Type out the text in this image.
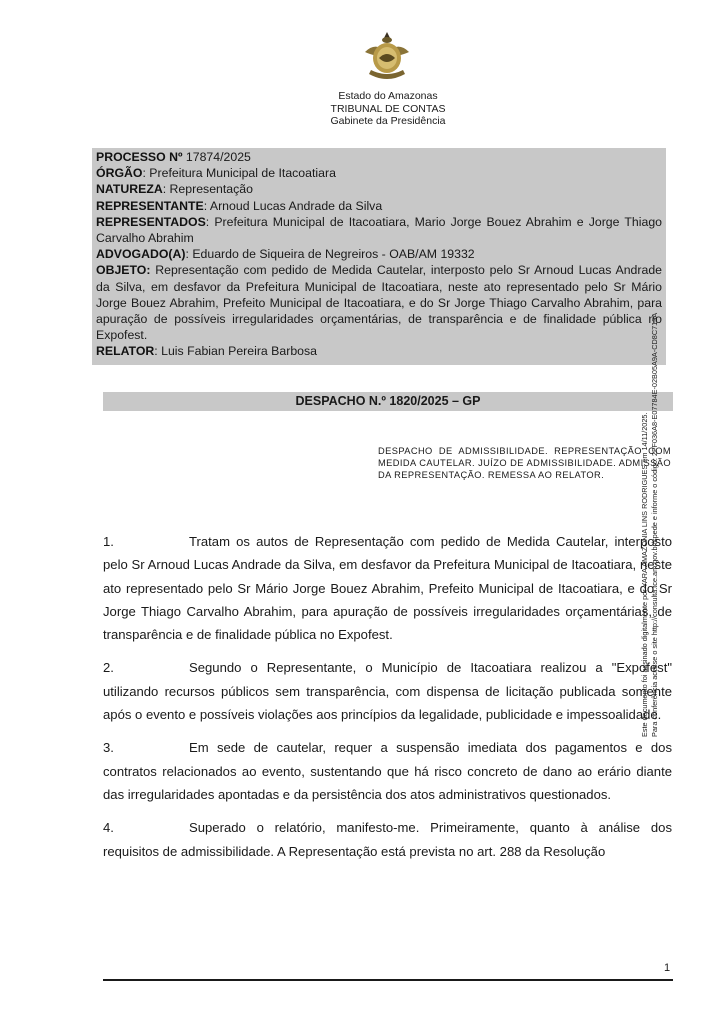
Estado do Amazonas
TRIBUNAL DE CONTAS
Gabinete da Presidência

PROCESSO Nº 17874/2025

ÓRGÃO: Prefeitura Municipal de Itacoatiara

NATUREZA: Representação

REPRESENTANTE: Arnoud Lucas Andrade da Silva

REPRESENTADOS: Prefeitura Municipal de Itacoatiara, Mario Jorge Bouez Abrahim e Jorge Thiago Carvalho Abrahim

ADVOGADO(A): Eduardo de Siqueira de Negreiros - OAB/AM 19332

OBJETO: Representação com pedido de Medida Cautelar, interposto pelo Sr Arnoud Lucas Andrade da Silva, em desfavor da Prefeitura Municipal de Itacoatiara, neste ato representado pelo Sr Mário Jorge Bouez Abrahim, Prefeito Municipal de Itacoatiara, e do Sr Jorge Thiago Carvalho Abrahim, para apuração de possíveis irregularidades orçamentárias, de transparência e de finalidade pública no Expofest.

RELATOR: Luis Fabian Pereira Barbosa

DESPACHO N.º 1820/2025 – GP
DESPACHO DE ADMISSIBILIDADE. REPRESENTAÇÃO COM MEDIDA CAUTELAR. JUÍZO DE ADMISSIBILIDADE. ADMISSÃO DA REPRESENTAÇÃO. REMESSA AO RELATOR.

1.	Tratam os autos de Representação com pedido de Medida Cautelar, interposto pelo Sr Arnoud Lucas Andrade da Silva, em desfavor da Prefeitura Municipal de Itacoatiara, neste ato representado pelo Sr Mário Jorge Bouez Abrahim, Prefeito Municipal de Itacoatiara, e do Sr Jorge Thiago Carvalho Abrahim, para apuração de possíveis irregularidades orçamentárias, de transparência e de finalidade pública no Expofest.

2.	Segundo o Representante, o Município de Itacoatiara realizou a "Expofest" utilizando recursos públicos sem transparência, com dispensa de licitação publicada somente após o evento e possíveis violações aos princípios da legalidade, publicidade e impessoalidade.

3.	Em sede de cautelar, requer a suspensão imediata dos pagamentos e dos contratos relacionados ao evento, sustentando que há risco concreto de dano ao erário diante das irregularidades apontadas e da persistência dos atos administrativos questionados.

4.	Superado o relatório, manifesto-me. Primeiramente, quanto à análise dos requisitos de admissibilidade. A Representação está prevista no art. 288 da Resolução

Este documento foi assinado digitalmente por YARA AMAZONIA LINS RODRIGUES em 14/11/2025. Para conferência acesse o site http://consulta.tce.am.gov.br/spede e informe o código: 2FF036A8-E07784E-02B05A9A-CD8C713A
1
